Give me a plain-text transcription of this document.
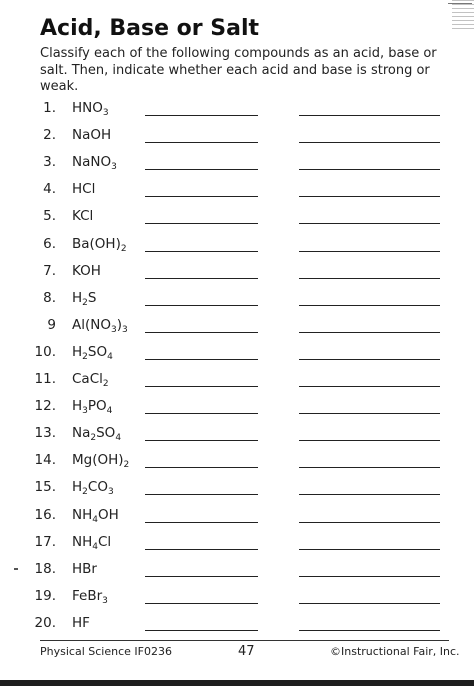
Acid, Base or Salt
Classify each of the following compounds as an acid, base or salt. Then, indicate whether each acid and base is strong or weak.
1. $HNO_3$
2. NaOH
3. NaNO$_3$
4. HCl
5. KCl
6. $Ba(OH)_2$
7. KOH
8. $H_2S$
9 $Al(NO_3)_3$
10. $H_2SO_4$
11. CaCl$_2$
12. $H_3PO_4$
13. $Na_2SO_4$
14. $Mg(OH)_2$
15. $H_2CO_3$
16. $NH_4OH$
17. $NH_4Cl$
18. HBr
19. FeBr$_3$
20. HF
Physical Science IF0236	47	©Instructional Fair, Inc.
